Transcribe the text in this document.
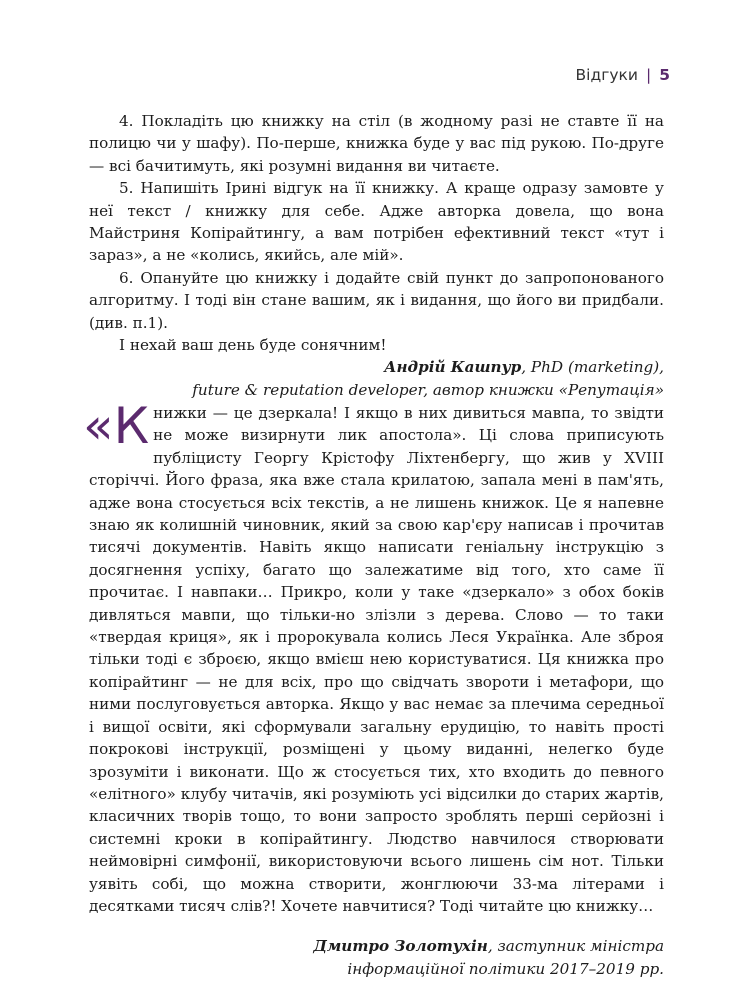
Відгуки | 5

4. Покладіть цю книжку на стіл (в жодному разі не ставте її на полицю чи у шафу). По-перше, книжка буде у вас під рукою. По-друге — всі бачитимуть, які розумні видання ви читаєте.

5. Напишіть Ірині відгук на її книжку. А краще одразу замовте у неї текст / книжку для себе. Адже авторка довела, що вона Майстриня Копірайтингу, а вам потрібен ефективний текст «тут і зараз», а не «колись, якийсь, але мій».

6. Опануйте цю книжку і додайте свій пункт до запропонованого алгоритму. І тоді він стане вашим, як і видання, що його ви придбали. (див. п.1).

І нехай ваш день буде сонячним!

Андрій Кашпур, PhD (marketing),

future & reputation developer, автор книжки «Репутація»

«К нижки — це дзеркала! І якщо в них дивиться мавпа, то звідти не може визирнути лик апостола». Ці слова приписують публіцисту Георгу Крістофу Ліхтенбергу, що жив у XVIII сторіччі. Його фраза, яка вже стала крилатою, запала мені в пам'ять, адже вона стосується всіх текстів, а не лишень книжок. Це я напевне знаю як колишній чиновник, який за свою кар'єру написав і прочитав тисячі документів. Навіть якщо написати геніальну інструкцію з досягнення успіху, багато що залежатиме від того, хто саме її прочитає. І навпаки… Прикро, коли у таке «дзеркало» з обох боків дивляться мавпи, що тільки-но злізли з дерева. Слово — то таки «твердая криця», як і пророкувала колись Леся Українка. Але зброя тільки тоді є зброєю, якщо вмієш нею користуватися. Ця книжка про копірайтинг — не для всіх, про що свідчать звороти і метафори, що ними послуговується авторка. Якщо у вас немає за плечима середньої і вищої освіти, які сформували загальну ерудицію, то навіть прості покрокові інструкції, розміщені у цьому виданні, нелегко буде зрозуміти і виконати. Що ж стосується тих, хто входить до певного «елітного» клубу читачів, які розуміють усі відсилки до старих жартів, класичних творів тощо, то вони запросто зроблять перші серйозні і системні кроки в копірайтингу. Людство навчилося створювати неймовірні симфонії, використовуючи всього лишень сім нот. Тільки уявіть собі, що можна створити, жонглюючи 33-ма літерами і десятками тисяч слів?! Хочете навчитися? Тоді читайте цю книжку…

Дмитро Золотухін, заступник міністра

інформаційної політики 2017–2019 рр.
